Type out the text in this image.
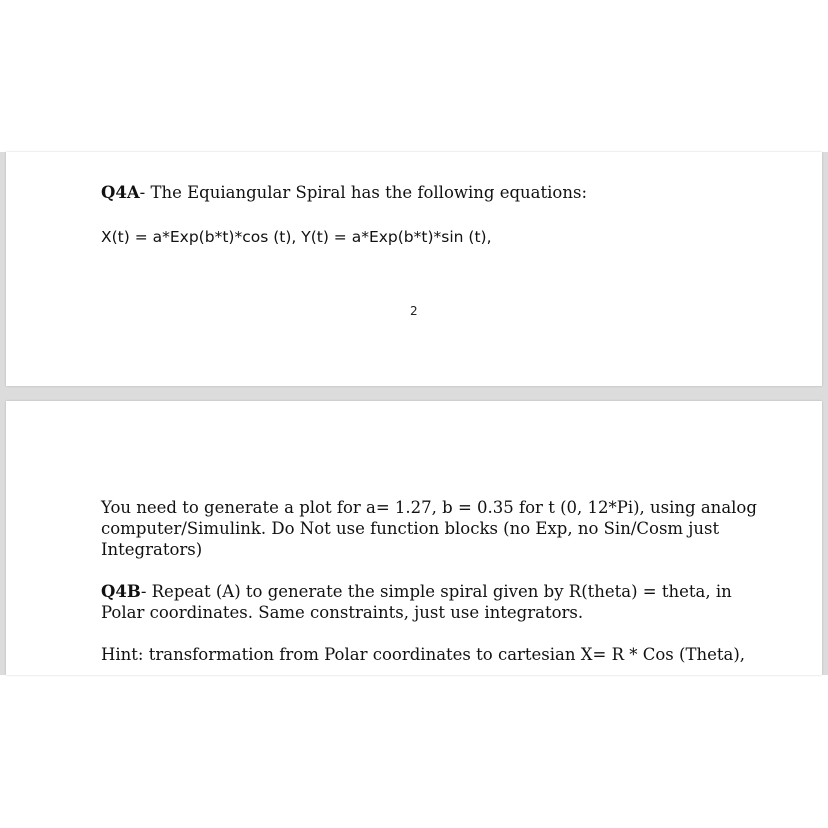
Q4A- The Equiangular Spiral has the following equations:

X(t) = a*Exp(b*t)*cos (t), Y(t) = a*Exp(b*t)*sin (t),

2

You need to generate a plot for a= 1.27, b = 0.35 for t (0, 12*Pi), using analog

computer/Simulink. Do Not use function blocks (no Exp, no Sin/Cosm just

Integrators)

Q4B- Repeat (A) to generate the simple spiral given by R(theta) = theta, in

Polar coordinates. Same constraints, just use integrators.

Hint: transformation from Polar coordinates to cartesian X= R * Cos (Theta),
